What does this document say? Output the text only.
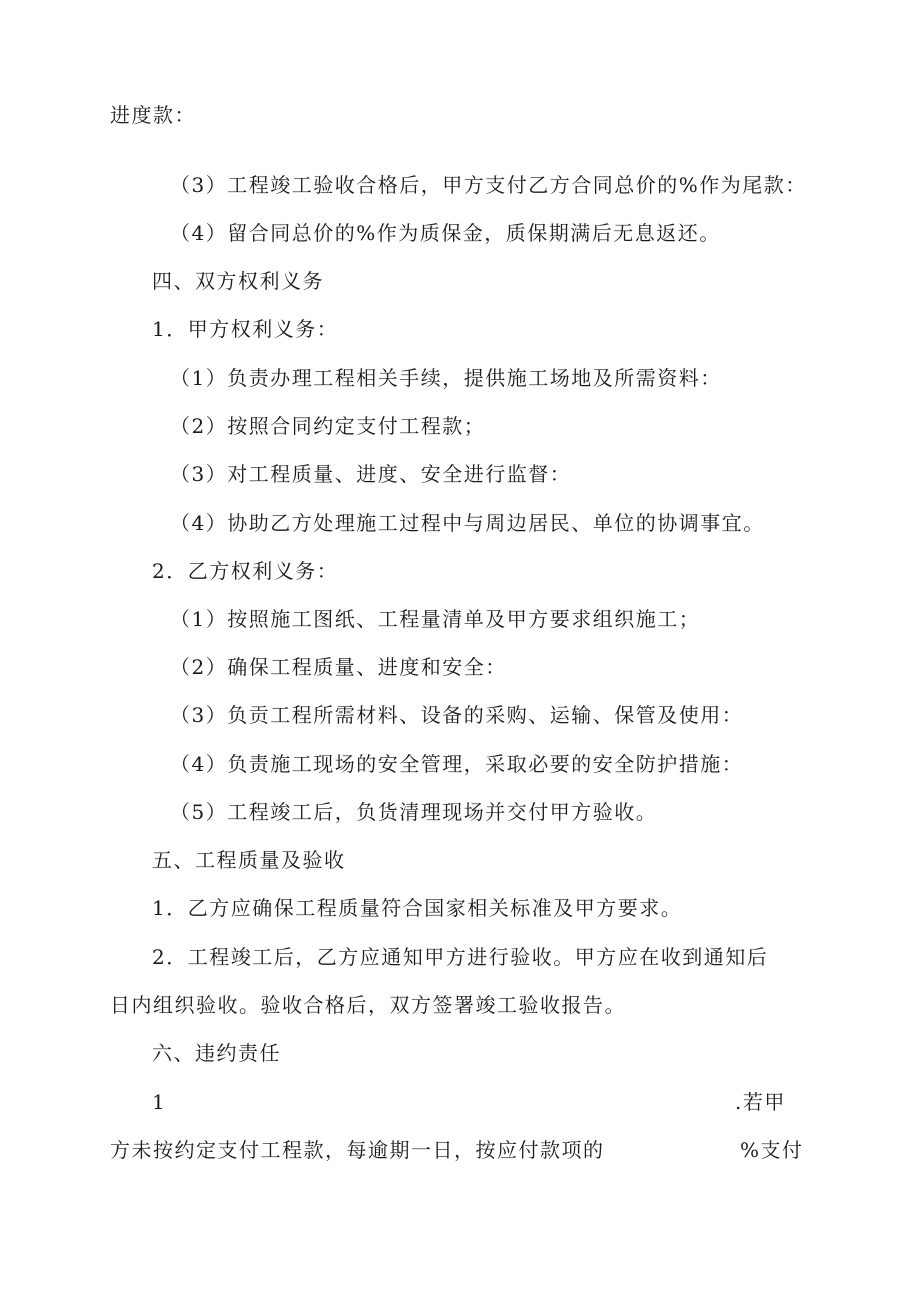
进度款：
（3）工程竣工验收合格后，甲方支付乙方合同总价的%作为尾款：
（4）留合同总价的%作为质保金，质保期满后无息返还。
四、双方权利义务
1．甲方权利义务：
（1）负责办理工程相关手续，提供施工场地及所需资料：
（2）按照合同约定支付工程款；
（3）对工程质量、进度、安全进行监督：
（4）协助乙方处理施工过程中与周边居民、单位的协调事宜。
2．乙方权利义务：
（1）按照施工图纸、工程量清单及甲方要求组织施工；
（2）确保工程质量、进度和安全：
（3）负贡工程所需材料、设备的采购、运输、保管及使用：
（4）负责施工现场的安全管理，采取必要的安全防护措施：
（5）工程竣工后，负货清理现场并交付甲方验收。
五、工程质量及验收
1．乙方应确保工程质量符合国家相关标准及甲方要求。
2．工程竣工后，乙方应通知甲方进行验收。甲方应在收到通知后
日内组织验收。验收合格后，双方签署竣工验收报告。
六、违约责任
1	.若甲
方未按约定支付工程款，每逾期一日，按应付款项的	%支付
